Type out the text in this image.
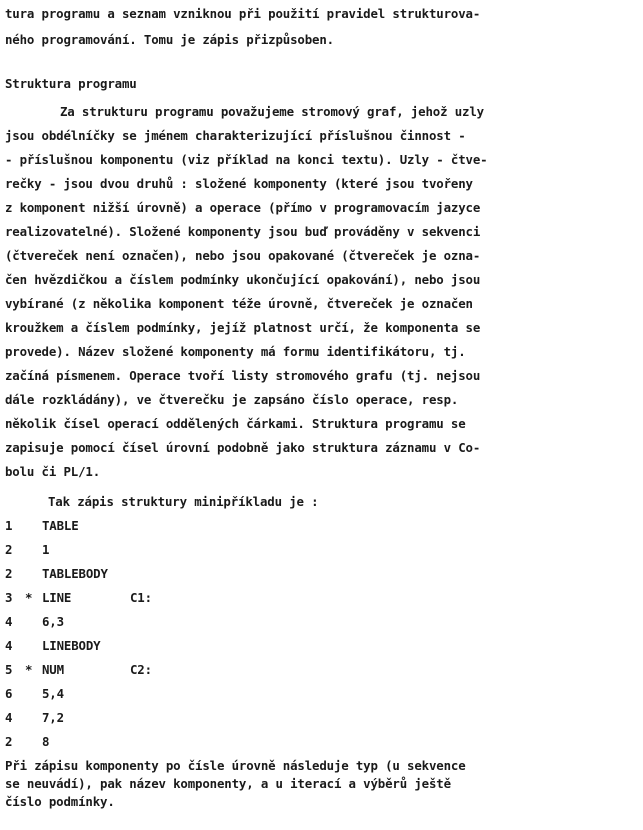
tura programu a seznam vzniknou při použití pravidel strukturova-
ného programování. Tomu je zápis přizpůsoben.
Struktura programu
Za strukturu programu považujeme stromový graf, jehož uzly
jsou obdélníčky se jménem charakterizující příslušnou činnost -
- příslušnou komponentu (viz příklad na konci textu). Uzly - čtve-
rečky - jsou dvou druhů : složené komponenty (které jsou tvořeny
z komponent nižší úrovně) a operace (přímo v programovacím jazyce
realizovatelné). Složené komponenty jsou buď prováděny v sekvenci
(čtvereček není označen), nebo jsou opakované (čtvereček je ozna-
čen hvězdičkou a číslem podmínky ukončující opakování), nebo jsou
vybírané (z několika komponent téže úrovně, čtvereček je označen
kroužkem a číslem podmínky, jejíž platnost určí, že komponenta se
provede). Název složené komponenty má formu identifikátoru, tj.
začíná písmenem. Operace tvoří listy stromového grafu (tj. nejsou
dále rozkládány), ve čtverečku je zapsáno číslo operace, resp.
několik čísel operací oddělených čárkami. Struktura programu se
zapisuje pomocí čísel úrovní podobně jako struktura záznamu v Co-
bolu či PL/1.
Tak zápis struktury minipříkladu je :

1

TABLE

2

1

2

TABLEBODY

3

*

LINE

	C1:

4

6,3

4

LINEBODY

5

*

NUM

	C2:

6

5,4

4

7,2

2

8

Při zápisu komponenty po čísle úrovně následuje typ (u sekvence
se neuvádí), pak název komponenty, a u iterací a výběrů ještě
číslo podmínky.
